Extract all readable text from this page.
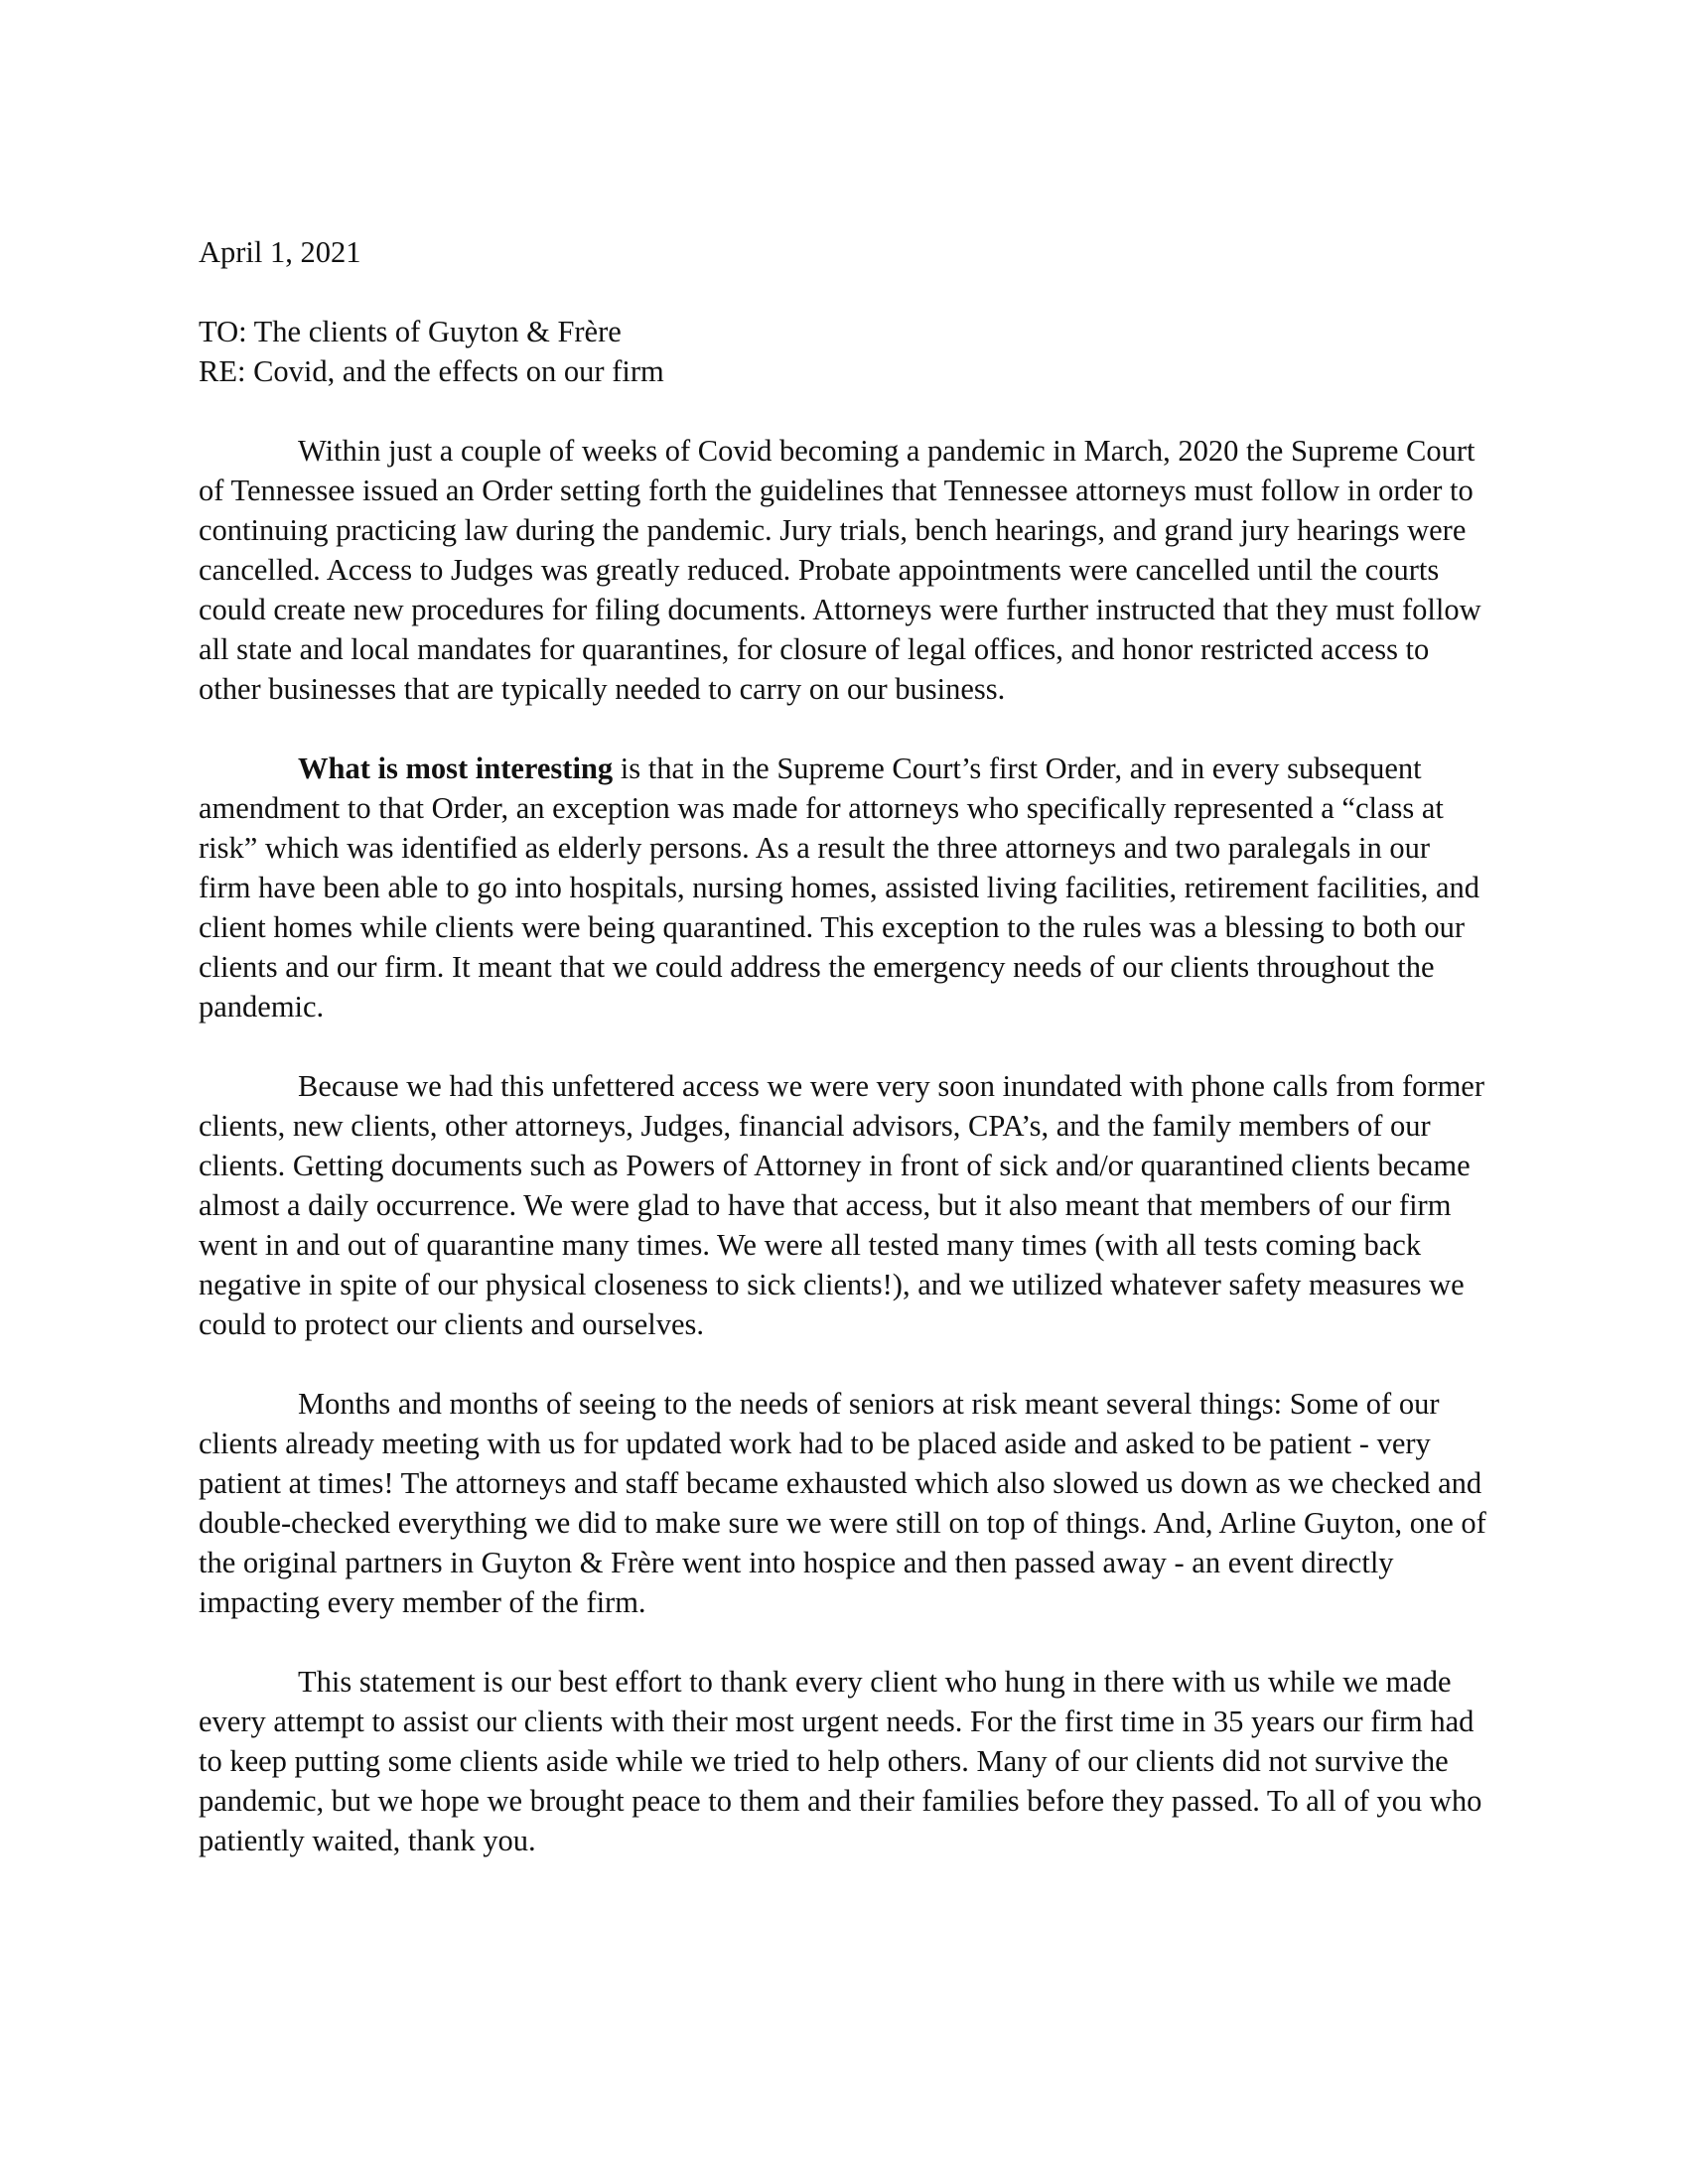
April 1, 2021

TO: The clients of Guyton & Frère

RE: Covid, and the effects on our firm

Within just a couple of weeks of Covid becoming a pandemic in March, 2020 the Supreme Court of Tennessee issued an Order setting forth the guidelines that Tennessee attorneys must follow in order to continuing practicing law during the pandemic. Jury trials, bench hearings, and grand jury hearings were cancelled. Access to Judges was greatly reduced. Probate appointments were cancelled until the courts could create new procedures for filing documents. Attorneys were further instructed that they must follow all state and local mandates for quarantines, for closure of legal offices, and honor restricted access to other businesses that are typically needed to carry on our business.

What is most interesting is that in the Supreme Court’s first Order, and in every subsequent amendment to that Order, an exception was made for attorneys who specifically represented a “class at risk” which was identified as elderly persons. As a result the three attorneys and two paralegals in our firm have been able to go into hospitals, nursing homes, assisted living facilities, retirement facilities, and client homes while clients were being quarantined. This exception to the rules was a blessing to both our clients and our firm. It meant that we could address the emergency needs of our clients throughout the pandemic.

Because we had this unfettered access we were very soon inundated with phone calls from former clients, new clients, other attorneys, Judges, financial advisors, CPA’s, and the family members of our clients. Getting documents such as Powers of Attorney in front of sick and/or quarantined clients became almost a daily occurrence. We were glad to have that access, but it also meant that members of our firm went in and out of quarantine many times. We were all tested many times (with all tests coming back negative in spite of our physical closeness to sick clients!), and we utilized whatever safety measures we could to protect our clients and ourselves.

Months and months of seeing to the needs of seniors at risk meant several things: Some of our clients already meeting with us for updated work had to be placed aside and asked to be patient - very patient at times! The attorneys and staff became exhausted which also slowed us down as we checked and double-checked everything we did to make sure we were still on top of things. And, Arline Guyton, one of the original partners in Guyton & Frère went into hospice and then passed away - an event directly impacting every member of the firm.

This statement is our best effort to thank every client who hung in there with us while we made every attempt to assist our clients with their most urgent needs. For the first time in 35 years our firm had to keep putting some clients aside while we tried to help others. Many of our clients did not survive the pandemic, but we hope we brought peace to them and their families before they passed. To all of you who patiently waited, thank you.
